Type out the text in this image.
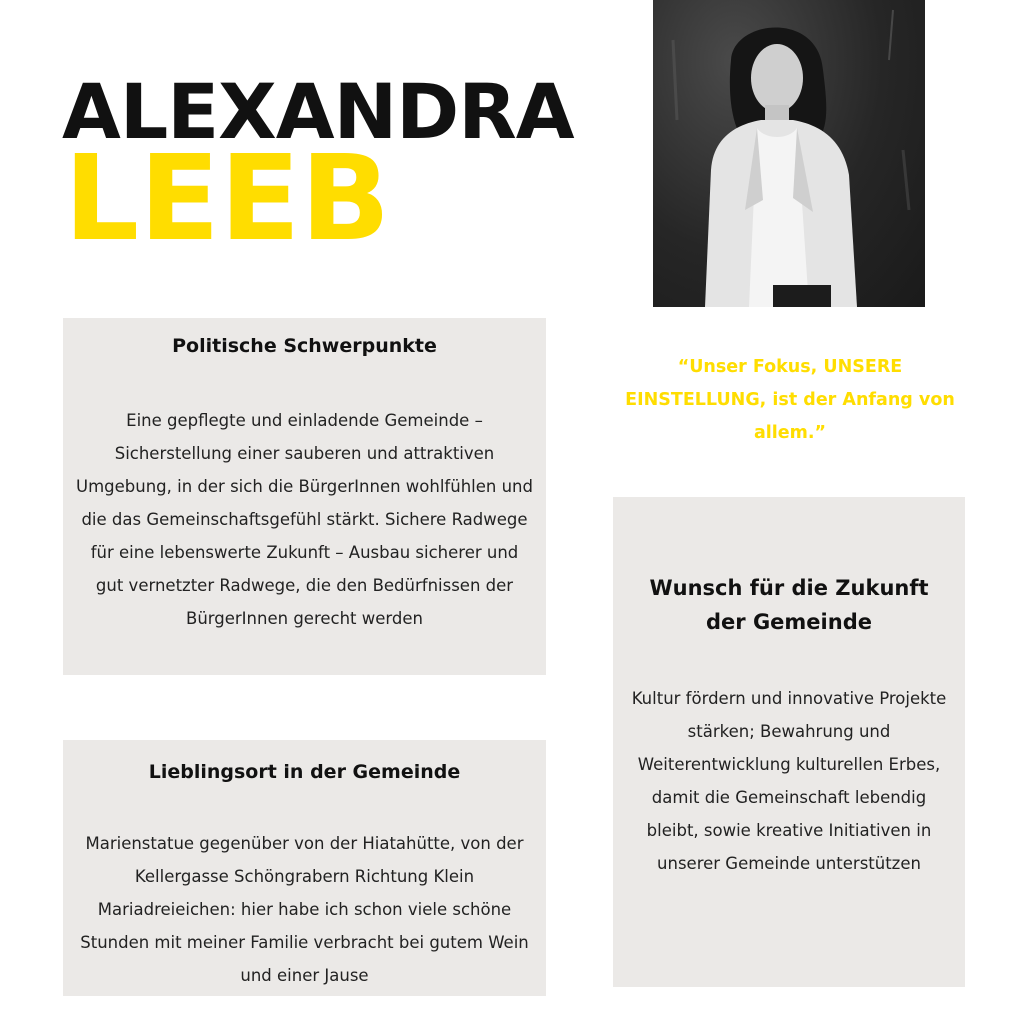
ALEXANDRA
LEEB
“Unser Fokus, UNSERE EINSTELLUNG, ist der Anfang von allem.”
Politische Schwerpunkte
Eine gepflegte und einladende Gemeinde – Sicherstellung einer sauberen und attraktiven Umgebung, in der sich die BürgerInnen wohlfühlen und die das Gemeinschaftsgefühl stärkt. Sichere Radwege für eine lebenswerte Zukunft – Ausbau sicherer und gut vernetzter Radwege, die den Bedürfnissen der BürgerInnen gerecht werden
Lieblingsort in der Gemeinde
Marienstatue gegenüber von der Hiatahütte, von der Kellergasse Schöngrabern Richtung Klein Mariadreieichen: hier habe ich schon viele schöne Stunden mit meiner Familie verbracht bei gutem Wein und einer Jause
Wunsch für die Zukunft der Gemeinde
Kultur fördern und innovative Projekte stärken; Bewahrung und Weiterentwicklung kulturellen Erbes, damit die Gemeinschaft lebendig bleibt, sowie kreative Initiativen in unserer Gemeinde unterstützen
